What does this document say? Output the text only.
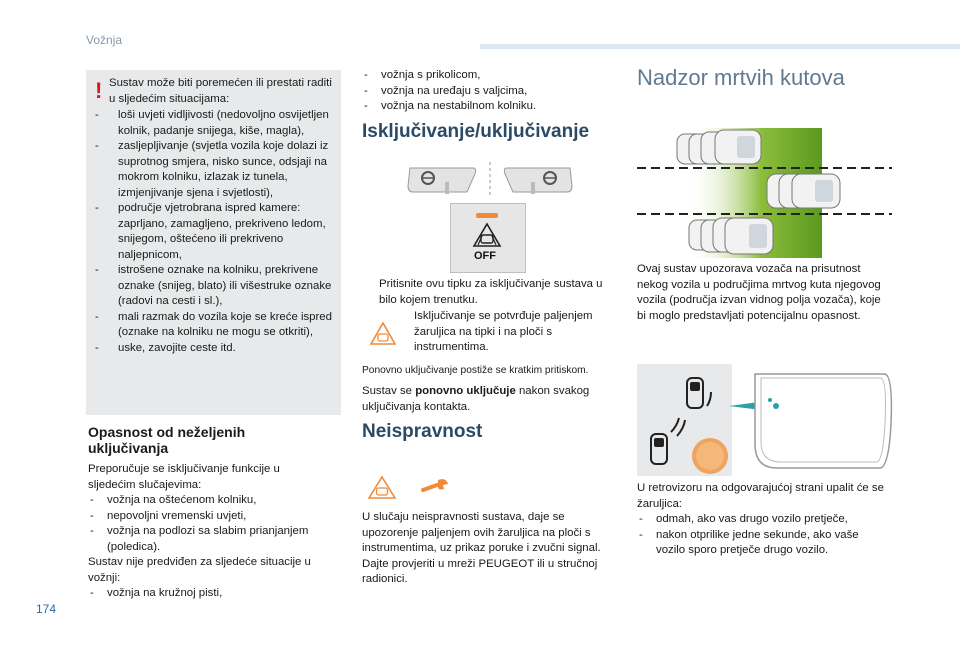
Vožnja
! Sustav može biti poremećen ili prestati raditi u sljedećim situacijama:
- loši uvjeti vidljivosti (nedovoljno osvijetljen kolnik, padanje snijega, kiše, magla),
- zasljepljivanje (svjetla vozila koje dolazi iz suprotnog smjera, nisko sunce, odsjaji na mokrom kolniku, izlazak iz tunela, izmjenjivanje sjena i svjetlosti),
- područje vjetrobrana ispred kamere: zaprljano, zamagljeno, prekriveno ledom, snijegom, oštećeno ili prekriveno naljepnicom,
- istrošene oznake na kolniku, prekrivene oznake (snijeg, blato) ili višestruke oznake (radovi na cesti i sl.),
- mali razmak do vozila koje se kreće ispred (oznake na kolniku ne mogu se otkriti),
- uske, zavojite ceste itd.
Opasnost od neželjenih uključivanja
Preporučuje se isključivanje funkcije u sljedećim slučajevima:
- vožnja na oštećenom kolniku,
- nepovoljni vremenski uvjeti,
- vožnja na podlozi sa slabim prianjanjem (poledica).
Sustav nije predviđen za sljedeće situacije u vožnji:
- vožnja na kružnoj pisti,
174
- vožnja s prikolicom,
- vožnja na uređaju s valjcima,
- vožnja na nestabilnom kolniku.
Isključivanje/uključivanje
OFF
Pritisnite ovu tipku za isključivanje sustava u bilo kojem trenutku.
Isključivanje se potvrđuje paljenjem žaruljica na tipki i na ploči s instrumentima.
Ponovno uključivanje postiže se kratkim pritiskom.
Sustav se ponovno uključuje nakon svakog uključivanja kontakta.
Neispravnost
U slučaju neispravnosti sustava, daje se upozorenje paljenjem ovih žaruljica na ploči s instrumentima, uz prikaz poruke i zvučni signal. Dajte provjeriti u mreži PEUGEOT ili u stručnoj radionici.
Nadzor mrtvih kutova
Ovaj sustav upozorava vozača na prisutnost nekog vozila u područjima mrtvog kuta njegovog vozila (područja izvan vidnog polja vozača), koje bi moglo predstavljati potencijalnu opasnost.
U retrovizoru na odgovarajućoj strani upalit će se žaruljica:
- odmah, ako vas drugo vozilo pretječe,
- nakon otprilike jedne sekunde, ako vaše vozilo sporo pretječe drugo vozilo.
